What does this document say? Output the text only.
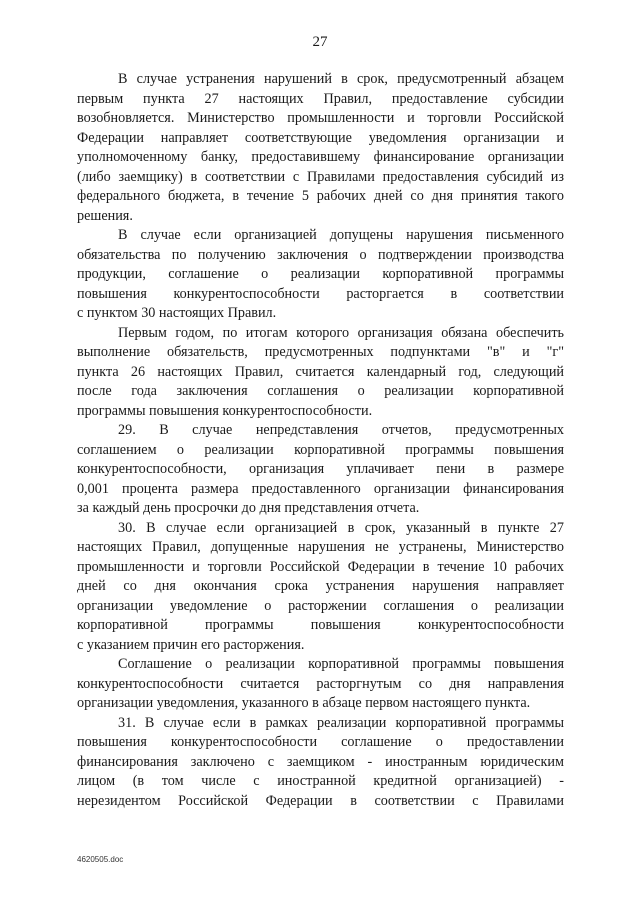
27
В случае устранения нарушений в срок, предусмотренный абзацем
первым пункта 27 настоящих Правил, предоставление субсидии
возобновляется. Министерство промышленности и торговли Российской
Федерации направляет соответствующие уведомления организации и
уполномоченному банку, предоставившему финансирование организации
(либо заемщику) в соответствии с Правилами предоставления субсидий из
федерального бюджета, в течение 5 рабочих дней со дня принятия такого
решения.
В случае если организацией допущены нарушения письменного
обязательства по получению заключения о подтверждении производства
продукции, соглашение о реализации корпоративной программы
повышения конкурентоспособности расторгается в соответствии
с пунктом 30 настоящих Правил.
Первым годом, по итогам которого организация обязана обеспечить
выполнение обязательств, предусмотренных подпунктами "в" и "г"
пункта 26 настоящих Правил, считается календарный год, следующий
после года заключения соглашения о реализации корпоративной
программы повышения конкурентоспособности.
29. В случае непредставления отчетов, предусмотренных
соглашением о реализации корпоративной программы повышения
конкурентоспособности, организация уплачивает пени в размере
0,001 процента размера предоставленного организации финансирования
за каждый день просрочки до дня представления отчета.
30. В случае если организацией в срок, указанный в пункте 27
настоящих Правил, допущенные нарушения не устранены, Министерство
промышленности и торговли Российской Федерации в течение 10 рабочих
дней со дня окончания срока устранения нарушения направляет
организации уведомление о расторжении соглашения о реализации
корпоративной программы повышения конкурентоспособности
с указанием причин его расторжения.
Соглашение о реализации корпоративной программы повышения
конкурентоспособности считается расторгнутым со дня направления
организации уведомления, указанного в абзаце первом настоящего пункта.
31. В случае если в рамках реализации корпоративной программы
повышения конкурентоспособности соглашение о предоставлении
финансирования заключено с заемщиком - иностранным юридическим
лицом (в том числе с иностранной кредитной организацией) -
нерезидентом Российской Федерации в соответствии с Правилами
4620505.doc
